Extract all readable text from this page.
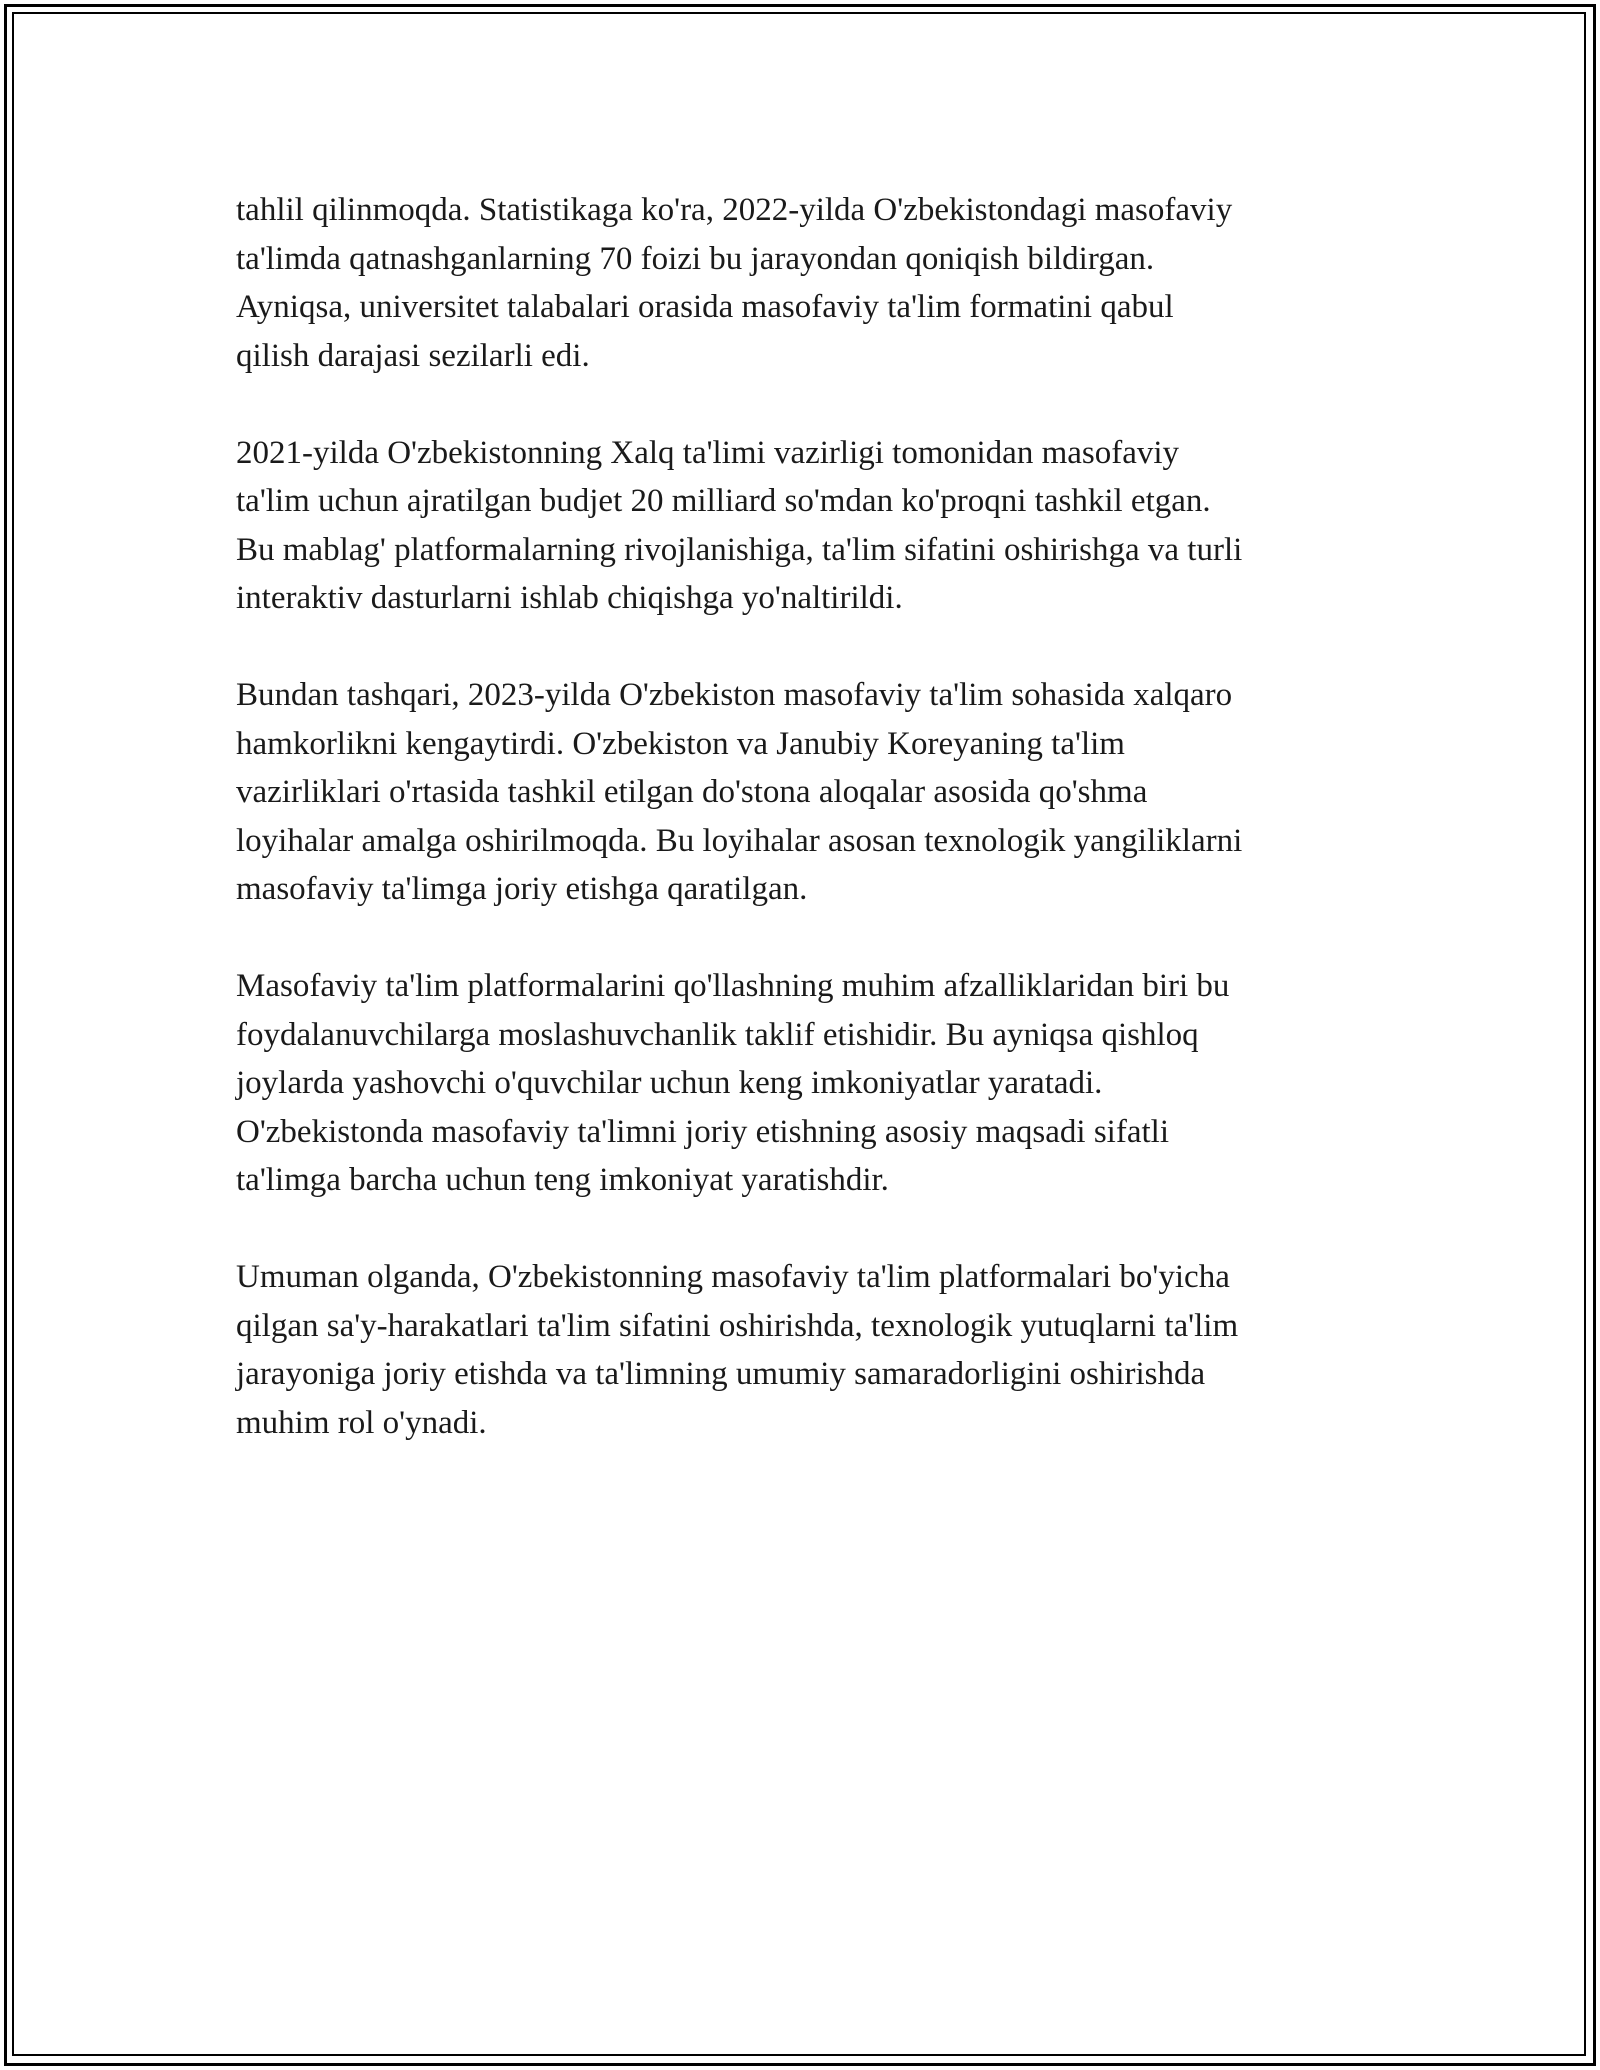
tahlil qilinmoqda. Statistikaga ko'ra, 2022-yilda O'zbekistondagi masofaviy
ta'limda qatnashganlarning 70 foizi bu jarayondan qoniqish bildirgan.
Ayniqsa, universitet talabalari orasida masofaviy ta'lim formatini qabul
qilish darajasi sezilarli edi.

2021-yilda O'zbekistonning Xalq ta'limi vazirligi tomonidan masofaviy
ta'lim uchun ajratilgan budjet 20 milliard so'mdan ko'proqni tashkil etgan.
Bu mablag' platformalarning rivojlanishiga, ta'lim sifatini oshirishga va turli
interaktiv dasturlarni ishlab chiqishga yo'naltirildi.

Bundan tashqari, 2023-yilda O'zbekiston masofaviy ta'lim sohasida xalqaro
hamkorlikni kengaytirdi. O'zbekiston va Janubiy Koreyaning ta'lim
vazirliklari o'rtasida tashkil etilgan do'stona aloqalar asosida qo'shma
loyihalar amalga oshirilmoqda. Bu loyihalar asosan texnologik yangiliklarni
masofaviy ta'limga joriy etishga qaratilgan.

Masofaviy ta'lim platformalarini qo'llashning muhim afzalliklaridan biri bu
foydalanuvchilarga moslashuvchanlik taklif etishidir. Bu ayniqsa qishloq
joylarda yashovchi o'quvchilar uchun keng imkoniyatlar yaratadi.
O'zbekistonda masofaviy ta'limni joriy etishning asosiy maqsadi sifatli
ta'limga barcha uchun teng imkoniyat yaratishdir.

Umuman olganda, O'zbekistonning masofaviy ta'lim platformalari bo'yicha
qilgan sa'y-harakatlari ta'lim sifatini oshirishda, texnologik yutuqlarni ta'lim
jarayoniga joriy etishda va ta'limning umumiy samaradorligini oshirishda
muhim rol o'ynadi.
